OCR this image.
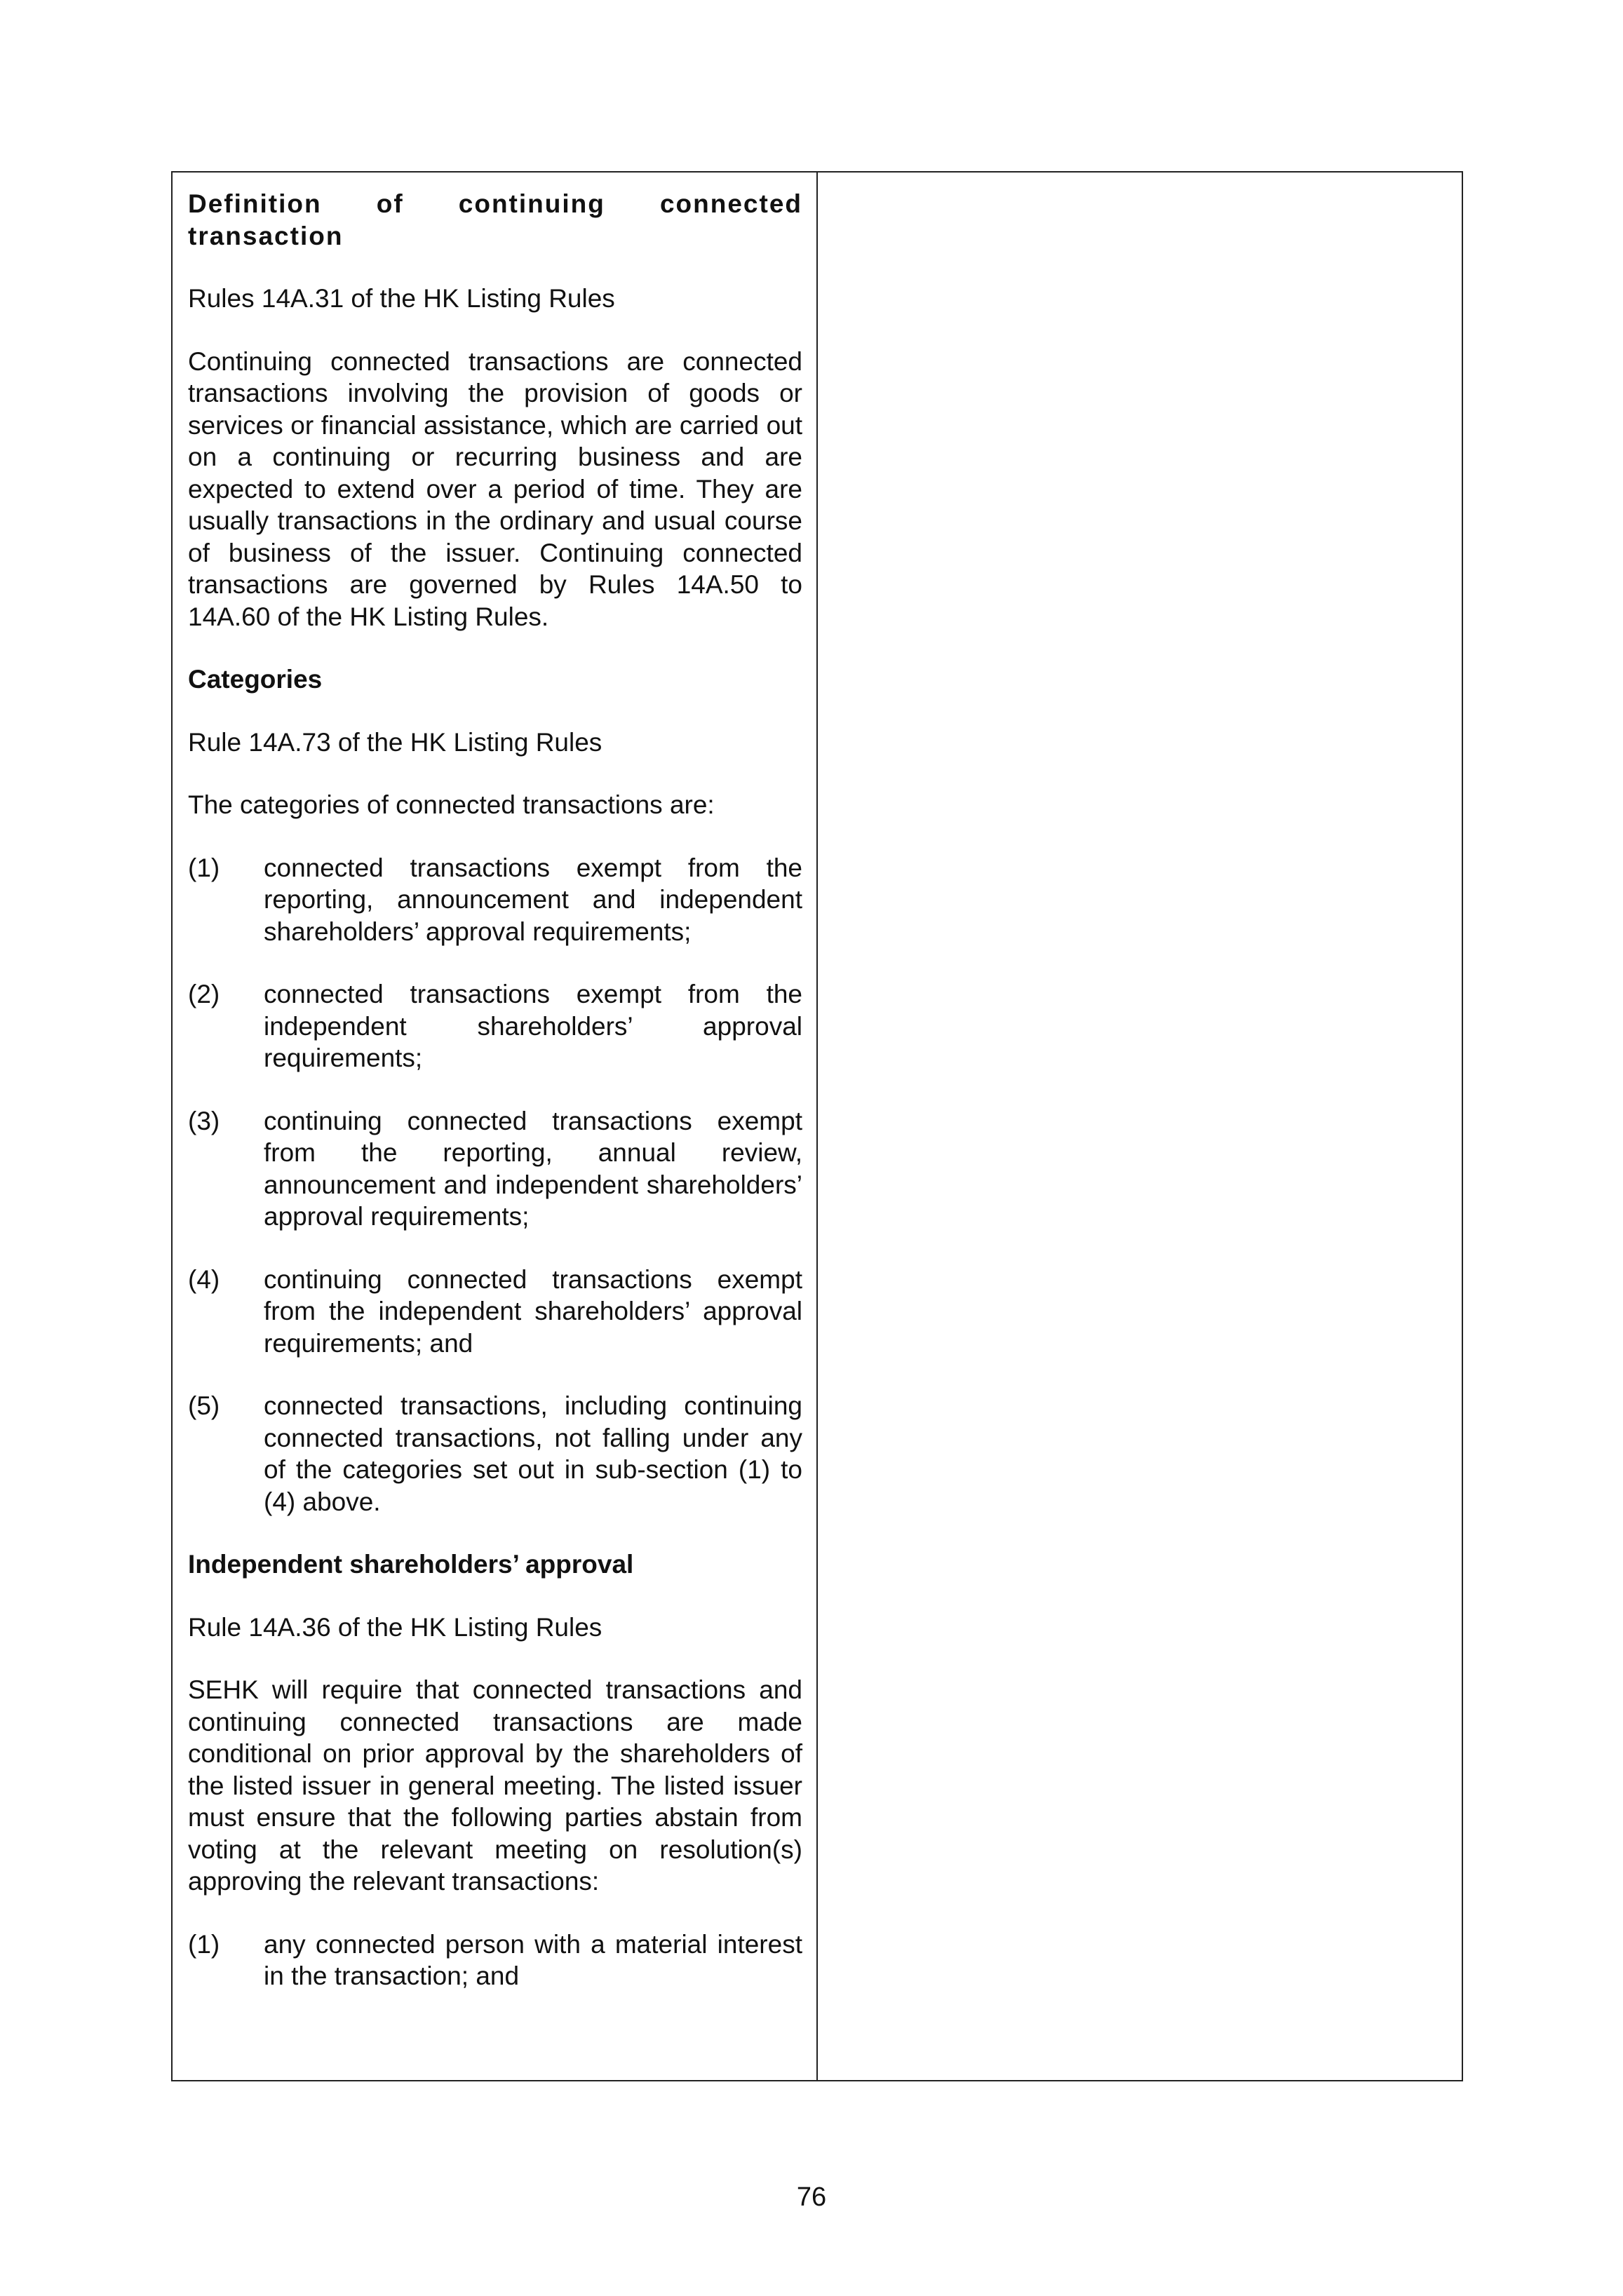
Definition of continuing connected transaction

Rules 14A.31 of the HK Listing Rules

Continuing connected transactions are connected transactions involving the provision of goods or services or financial assistance, which are carried out on a continuing or recurring business and are expected to extend over a period of time. They are usually transactions in the ordinary and usual course of business of the issuer. Continuing connected transactions are governed by Rules 14A.50 to 14A.60 of the HK Listing Rules.

Categories

Rule 14A.73 of the HK Listing Rules

The categories of connected transactions are:

(1)	connected transactions exempt from the reporting, announcement and independent shareholders’ approval requirements;
(2)	connected transactions exempt from the independent shareholders’ approval requirements;
(3)	continuing connected transactions exempt from the reporting, annual review, announcement and independent shareholders’ approval requirements;
(4)	continuing connected transactions exempt from the independent shareholders’ approval requirements; and
(5)	connected transactions, including continuing connected transactions, not falling under any of the categories set out in sub-section (1) to (4) above.

Independent shareholders’ approval

Rule 14A.36 of the HK Listing Rules

SEHK will require that connected transactions and continuing connected transactions are made conditional on prior approval by the shareholders of the listed issuer in general meeting. The listed issuer must ensure that the following parties abstain from voting at the relevant meeting on resolution(s) approving the relevant transactions:

(1)	any connected person with a material interest in the transaction; and
76
